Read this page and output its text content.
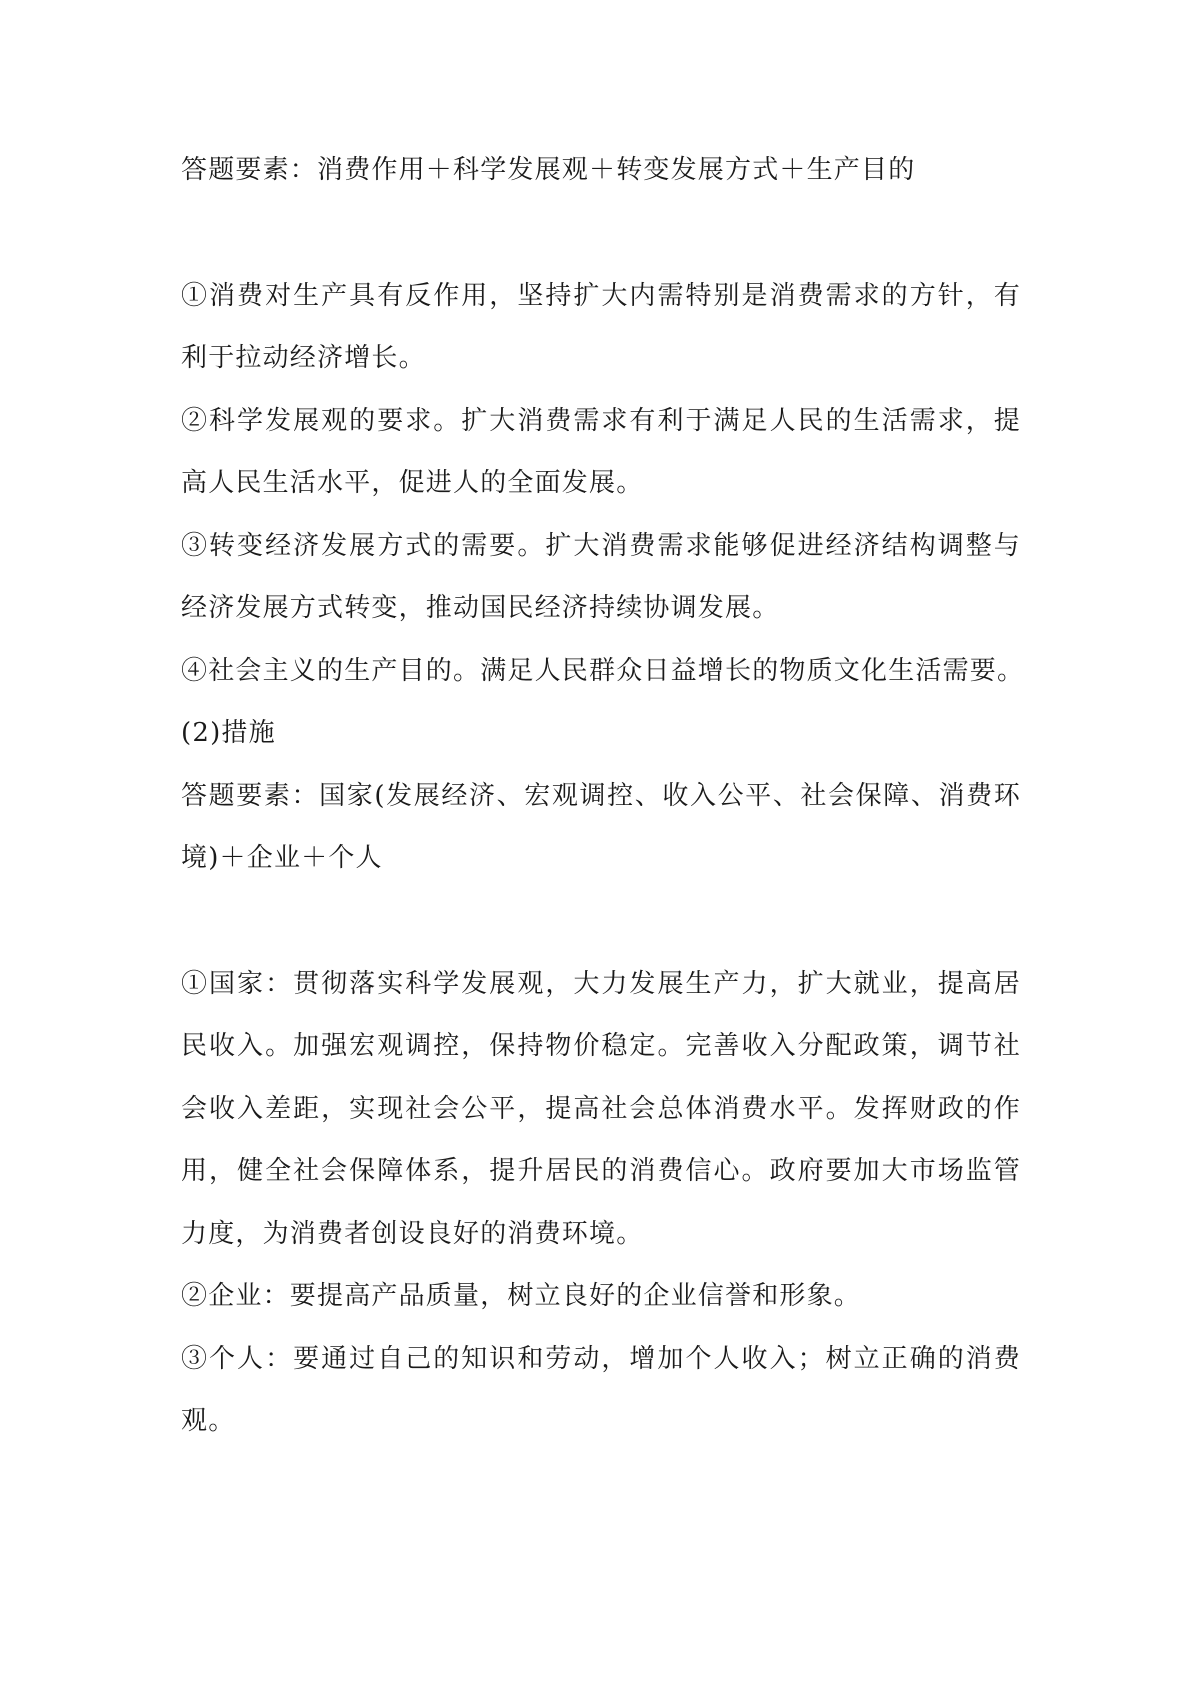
答题要素：消费作用＋科学发展观＋转变发展方式＋生产目的
①消费对生产具有反作用，坚持扩大内需特别是消费需求的方针，有
利于拉动经济增长。
②科学发展观的要求。扩大消费需求有利于满足人民的生活需求，提
高人民生活水平，促进人的全面发展。
③转变经济发展方式的需要。扩大消费需求能够促进经济结构调整与
经济发展方式转变，推动国民经济持续协调发展。
④社会主义的生产目的。满足人民群众日益增长的物质文化生活需要。
(2)措施
答题要素：国家(发展经济、宏观调控、收入公平、社会保障、消费环
境)＋企业＋个人
①国家：贯彻落实科学发展观，大力发展生产力，扩大就业，提高居
民收入。加强宏观调控，保持物价稳定。完善收入分配政策，调节社
会收入差距，实现社会公平，提高社会总体消费水平。发挥财政的作
用，健全社会保障体系，提升居民的消费信心。政府要加大市场监管
力度，为消费者创设良好的消费环境。
②企业：要提高产品质量，树立良好的企业信誉和形象。
③个人：要通过自己的知识和劳动，增加个人收入；树立正确的消费
观。
